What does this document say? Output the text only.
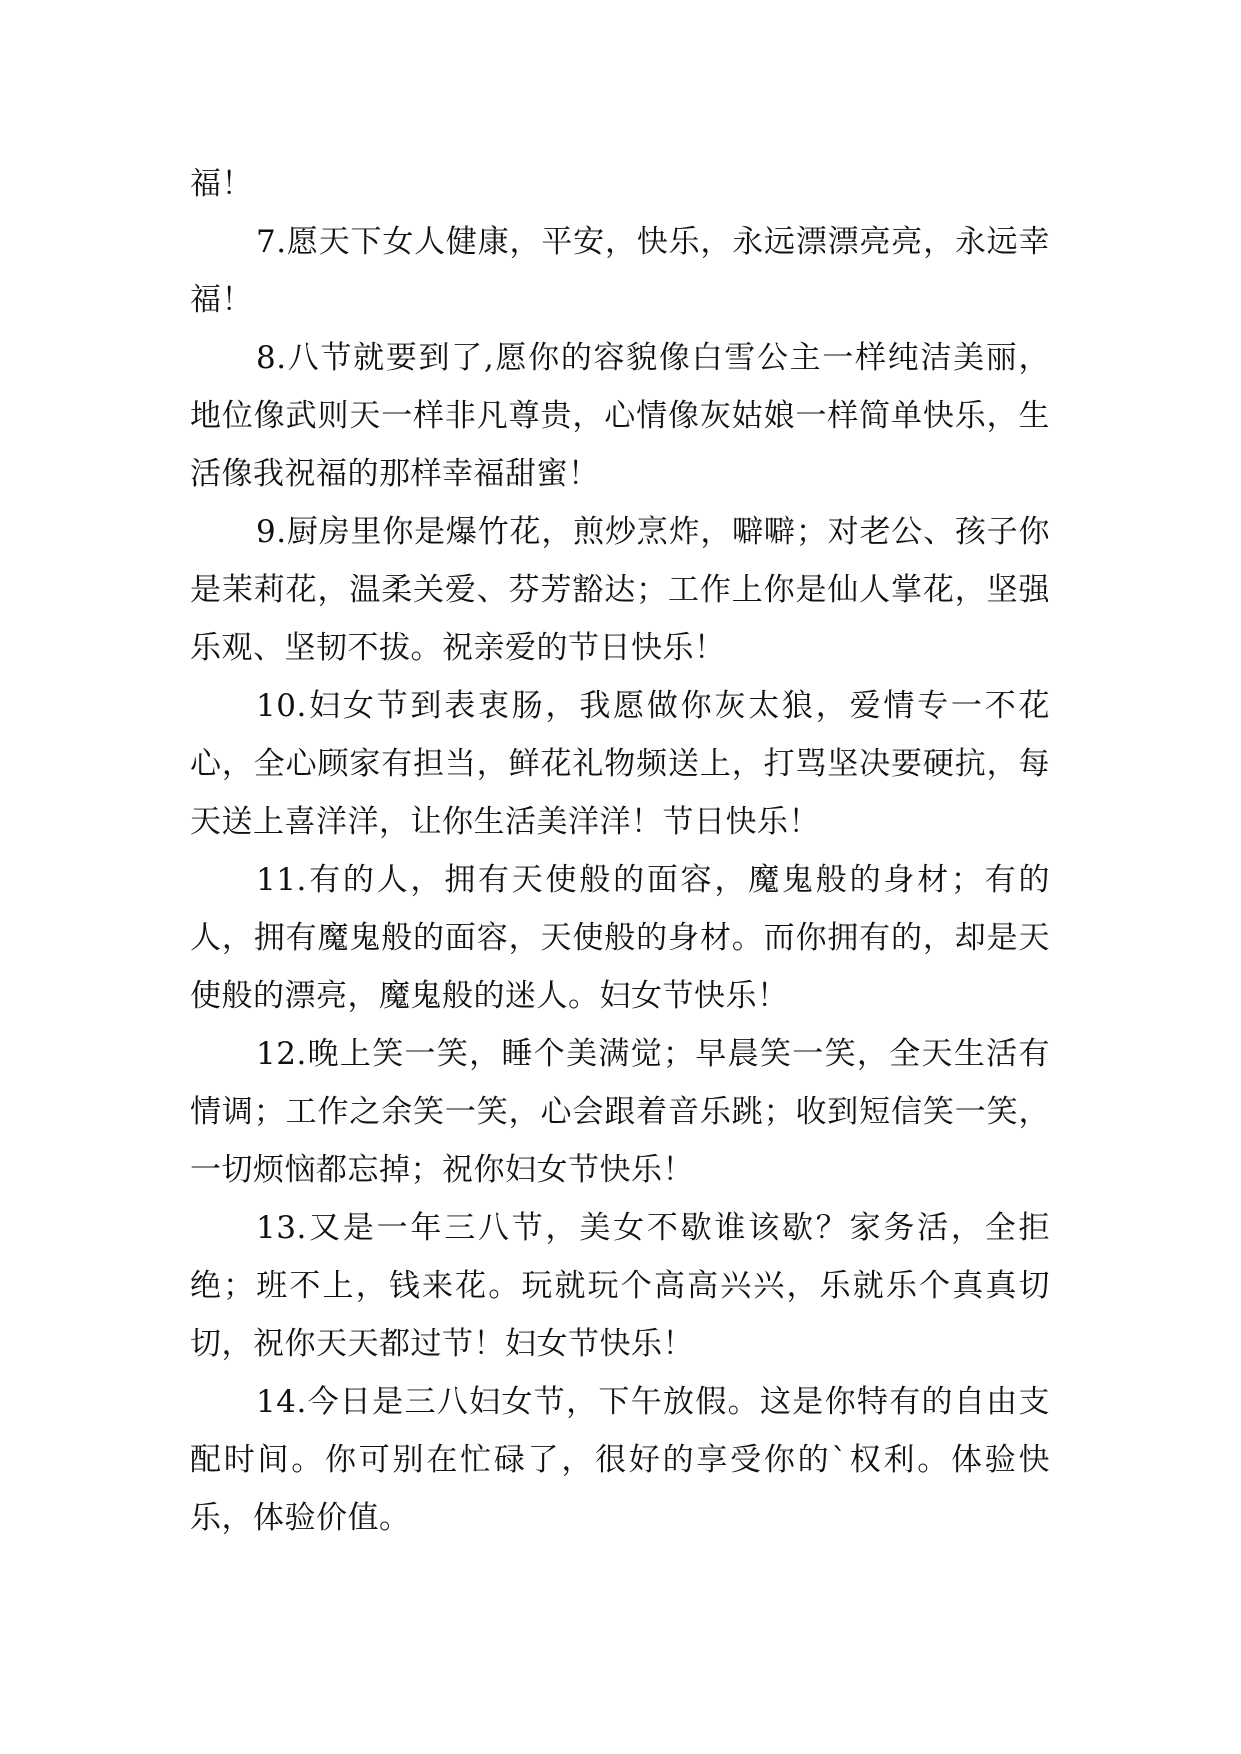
福！

7.愿天下女人健康，平安，快乐，永远漂漂亮亮，永远幸福！

8.八节就要到了,愿你的容貌像白雪公主一样纯洁美丽，地位像武则天一样非凡尊贵，心情像灰姑娘一样简单快乐，生活像我祝福的那样幸福甜蜜！

9.厨房里你是爆竹花，煎炒烹炸，噼噼；对老公、孩子你是茉莉花，温柔关爱、芬芳豁达；工作上你是仙人掌花，坚强乐观、坚韧不拔。祝亲爱的节日快乐！

10.妇女节到表衷肠，我愿做你灰太狼，爱情专一不花心，全心顾家有担当，鲜花礼物频送上，打骂坚决要硬抗，每天送上喜洋洋，让你生活美洋洋！节日快乐！

11.有的人，拥有天使般的面容，魔鬼般的身材；有的人，拥有魔鬼般的面容，天使般的身材。而你拥有的，却是天使般的漂亮，魔鬼般的迷人。妇女节快乐！

12.晚上笑一笑，睡个美满觉；早晨笑一笑，全天生活有情调；工作之余笑一笑，心会跟着音乐跳；收到短信笑一笑，一切烦恼都忘掉；祝你妇女节快乐！

13.又是一年三八节，美女不歇谁该歇？家务活，全拒绝；班不上，钱来花。玩就玩个高高兴兴，乐就乐个真真切切，祝你天天都过节！妇女节快乐！

14.今日是三八妇女节，下午放假。这是你特有的自由支配时间。你可别在忙碌了，很好的享受你的`权利。体验快乐，体验价值。
